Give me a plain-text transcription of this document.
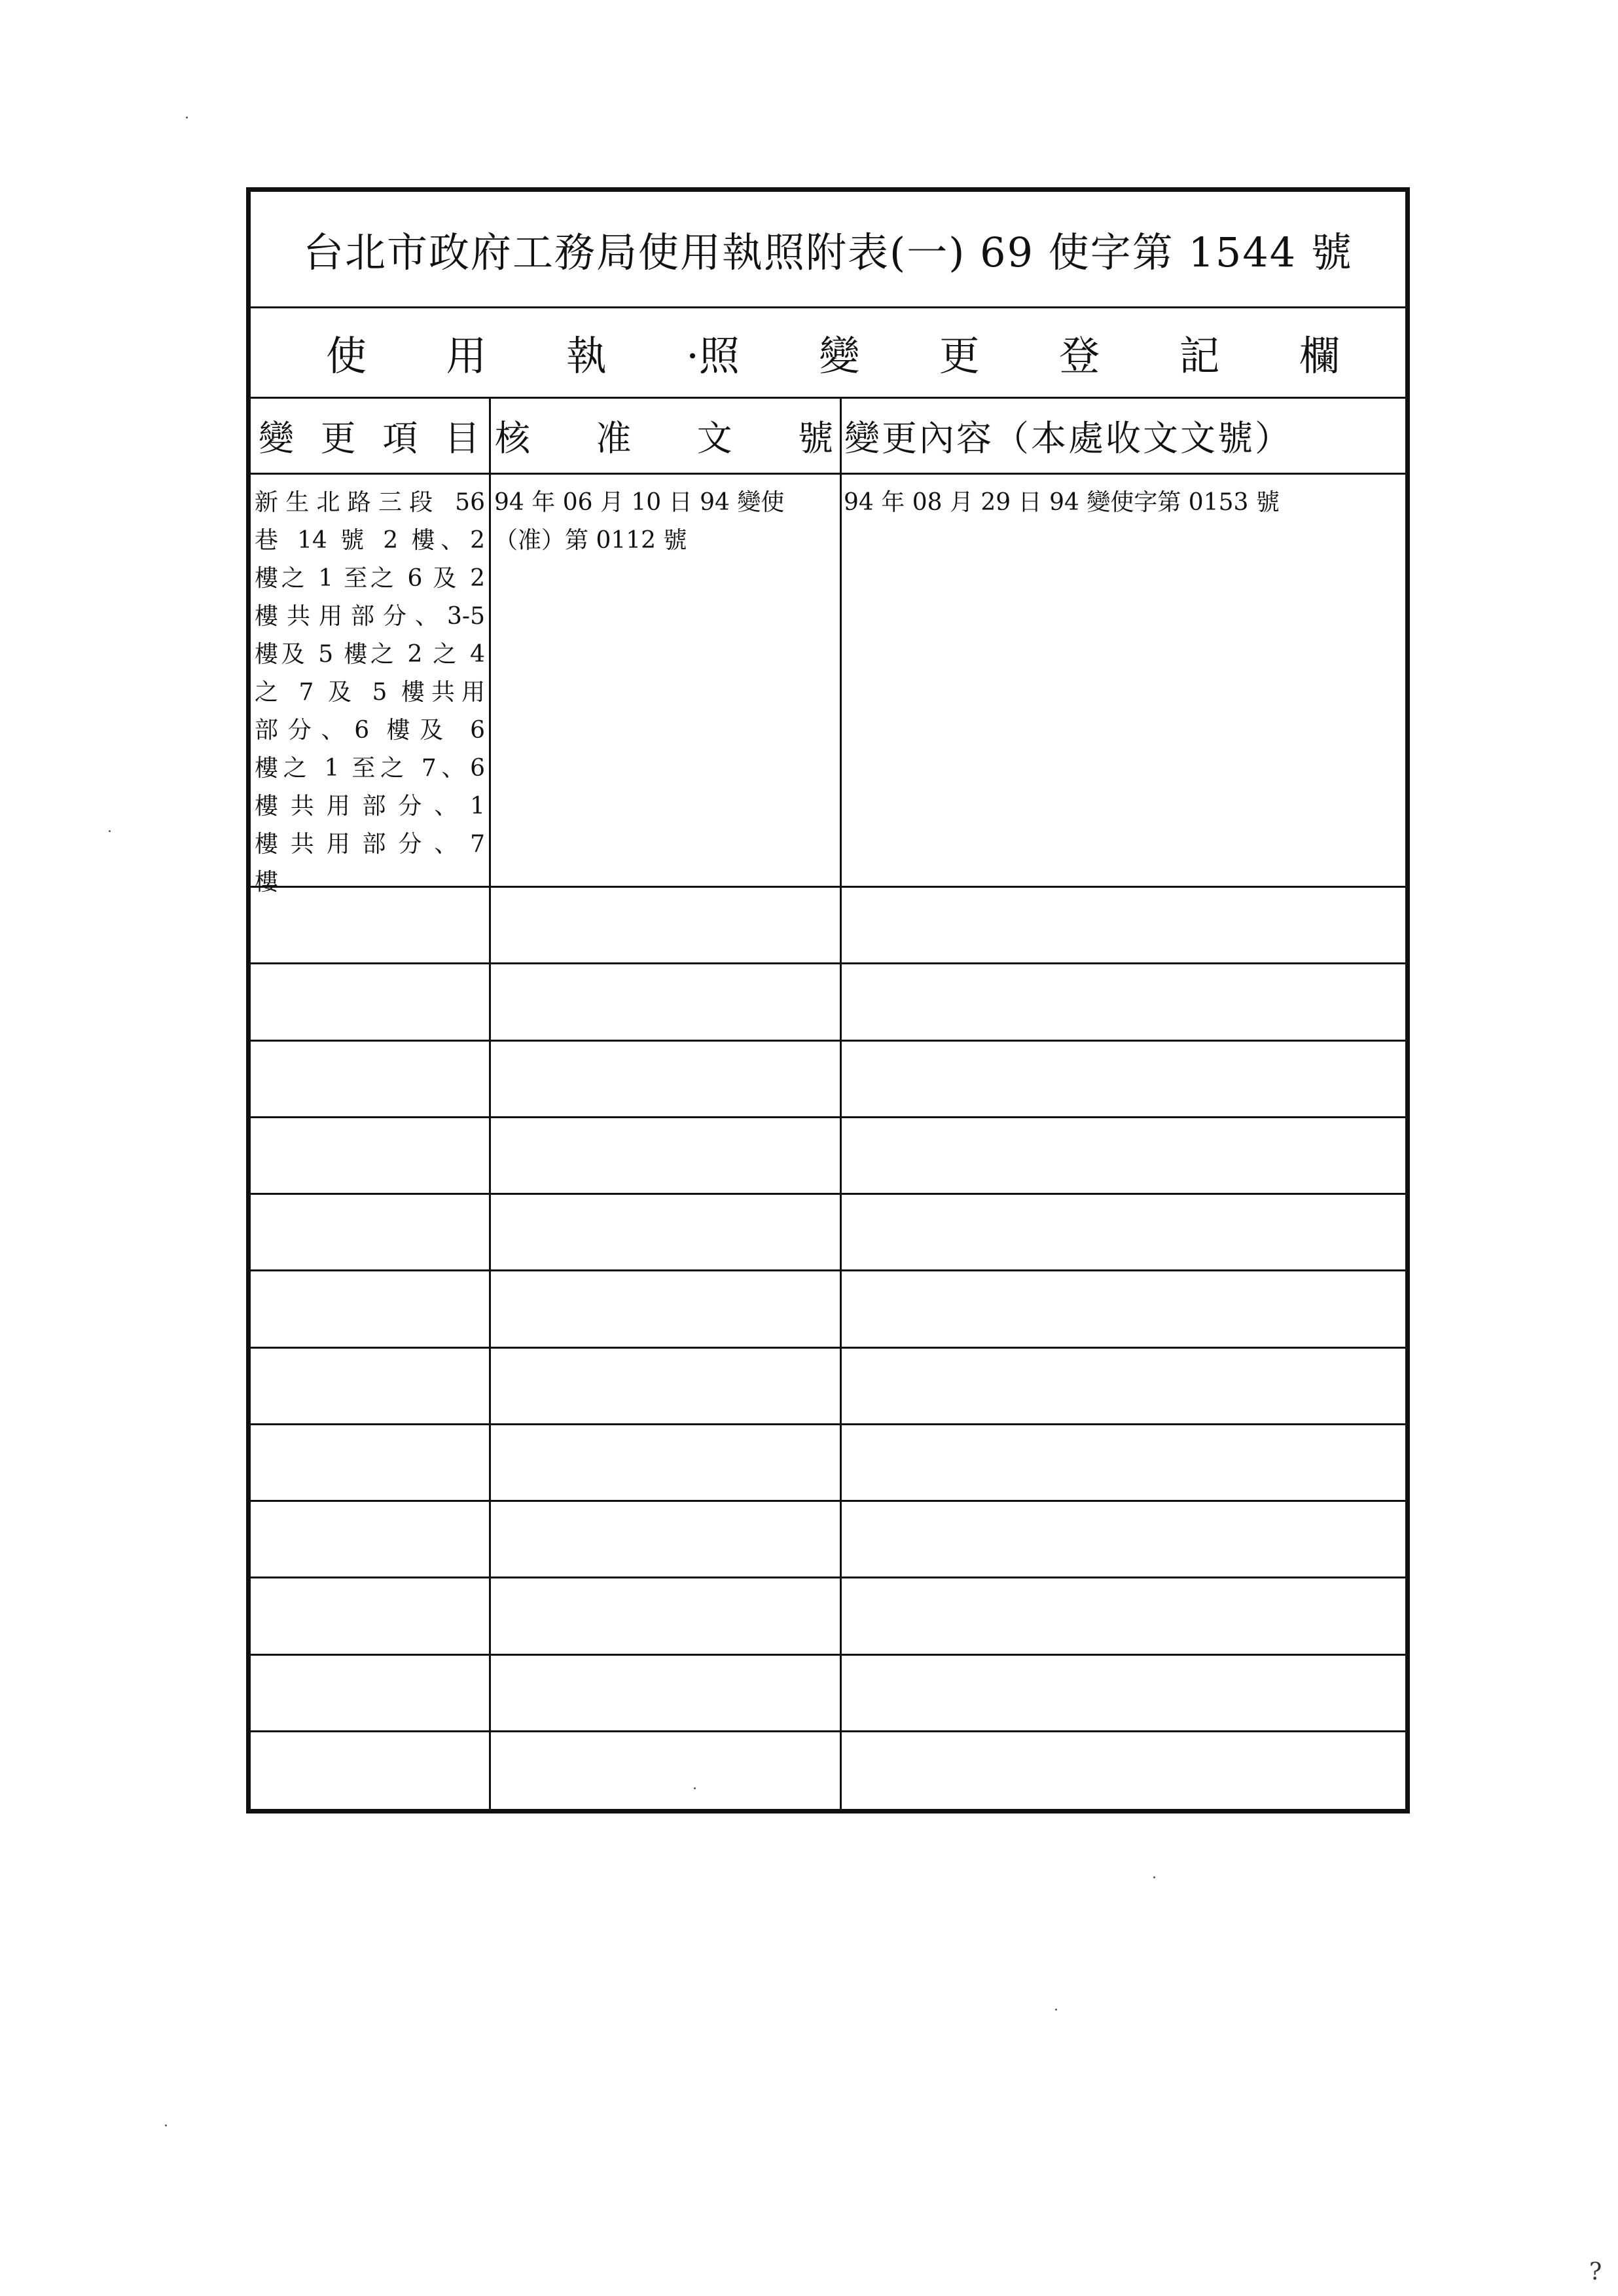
台北市政府工務局使用執照附表(一) 69 使字第 1544 號
使 用 執 ·照 變 更 登 記 欄
變 更 項 目 核 准 文 號 變更內容（本處收文文號）
新生北路三段 56
巷 14 號 2 樓、2
樓之 1 至之 6 及 2
樓共用部分、3-5
樓及 5 樓之 2 之 4
之 7 及 5 樓共用
部分、6 樓及 6
樓之 1 至之 7、6
樓共用部分、1
樓共用部分、7
樓
94 年 06 月 10 日 94 變使
（准）第 0112 號
94 年 08 月 29 日 94 變使字第 0153 號
?
